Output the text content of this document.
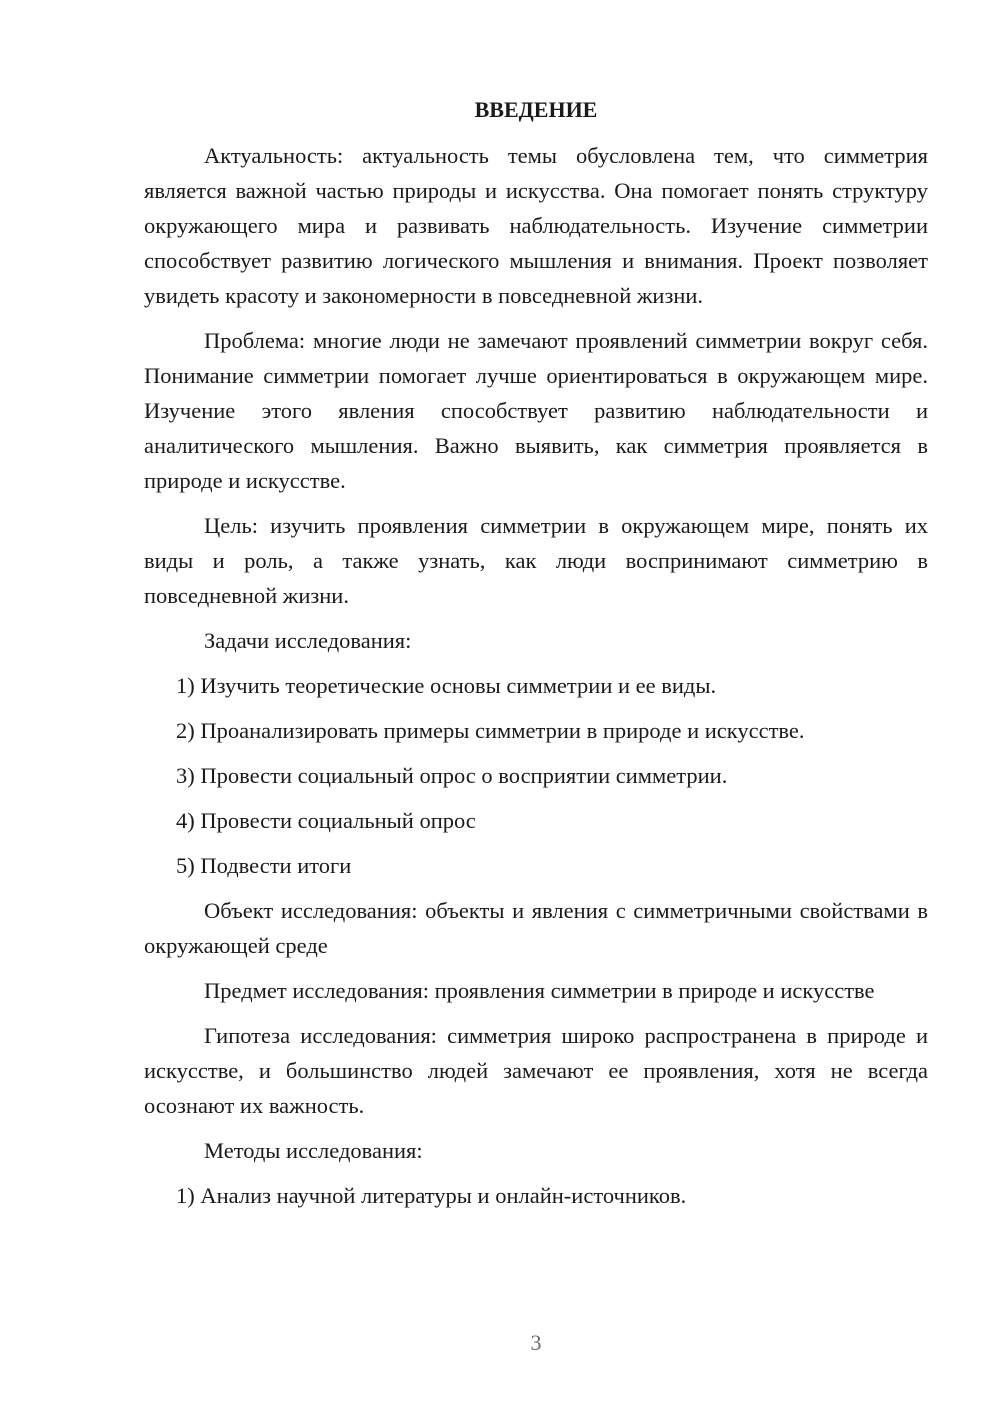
ВВЕДЕНИЕ

Актуальность: актуальность темы обусловлена тем, что симметрия является важной частью природы и искусства. Она помогает понять структуру окружающего мира и развивать наблюдательность. Изучение симметрии способствует развитию логического мышления и внимания. Проект позволяет увидеть красоту и закономерности в повседневной жизни.

Проблема: многие люди не замечают проявлений симметрии вокруг себя. Понимание симметрии помогает лучше ориентироваться в окружающем мире. Изучение этого явления способствует развитию наблюдательности и аналитического мышления. Важно выявить, как симметрия проявляется в природе и искусстве.

Цель: изучить проявления симметрии в окружающем мире, понять их виды и роль, а также узнать, как люди воспринимают симметрию в повседневной жизни.

Задачи исследования:

1) Изучить теоретические основы симметрии и ее виды.

2) Проанализировать примеры симметрии в природе и искусстве.

3) Провести социальный опрос о восприятии симметрии.

4) Провести социальный опрос

5) Подвести итоги

Объект исследования: объекты и явления с симметричными свойствами в окружающей среде

Предмет исследования: проявления симметрии в природе и искусстве

Гипотеза исследования: симметрия широко распространена в природе и искусстве, и большинство людей замечают ее проявления, хотя не всегда осознают их важность.

Методы исследования:

1) Анализ научной литературы и онлайн-источников.

3
